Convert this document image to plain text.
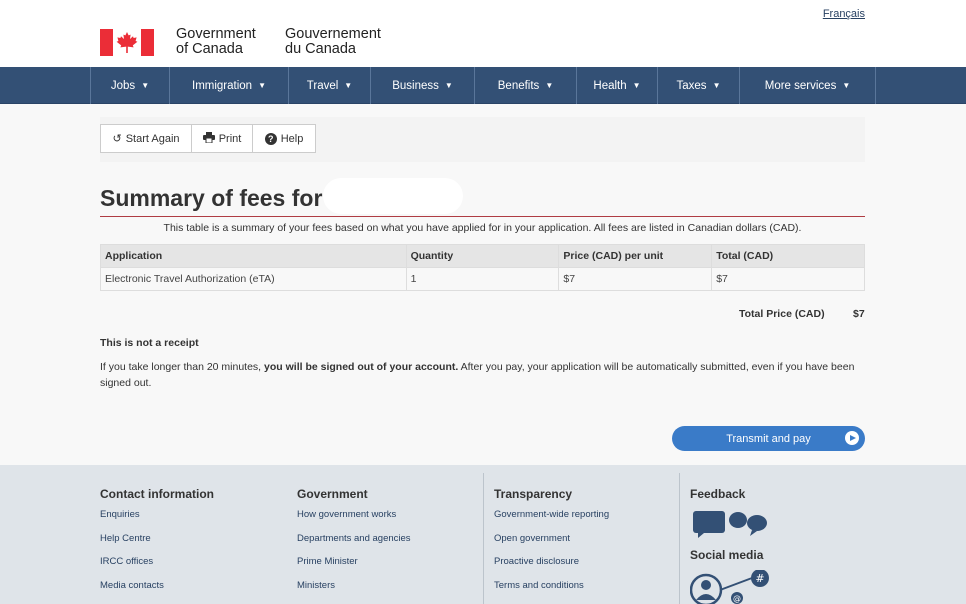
Français
Government
of Canada
Gouvernement
du Canada
Jobs ▼	Immigration ▼	Travel ▼	Business ▼	Benefits ▼	Health ▼	Taxes ▼	More services ▼
↺ Start Again	Print	? Help
Summary of fees for

This table is a summary of your fees based on what you have applied for in your application. All fees are listed in Canadian dollars (CAD).

Application	Quantity	Price (CAD) per unit	Total (CAD)
Electronic Travel Authorization (eTA)	1	$7	$7
Total Price (CAD)	$7
This is not a receipt

If you take longer than 20 minutes, you will be signed out of your account. After you pay, your application will be automatically submitted, even if you have been signed out.

Transmit and pay
Contact information
Enquiries
Help Centre
IRCC offices
Media contacts
Government
How government works
Departments and agencies
Prime Minister
Ministers
Transparency
Government-wide reporting
Open government
Proactive disclosure
Terms and conditions
Feedback
Social media
#
@
